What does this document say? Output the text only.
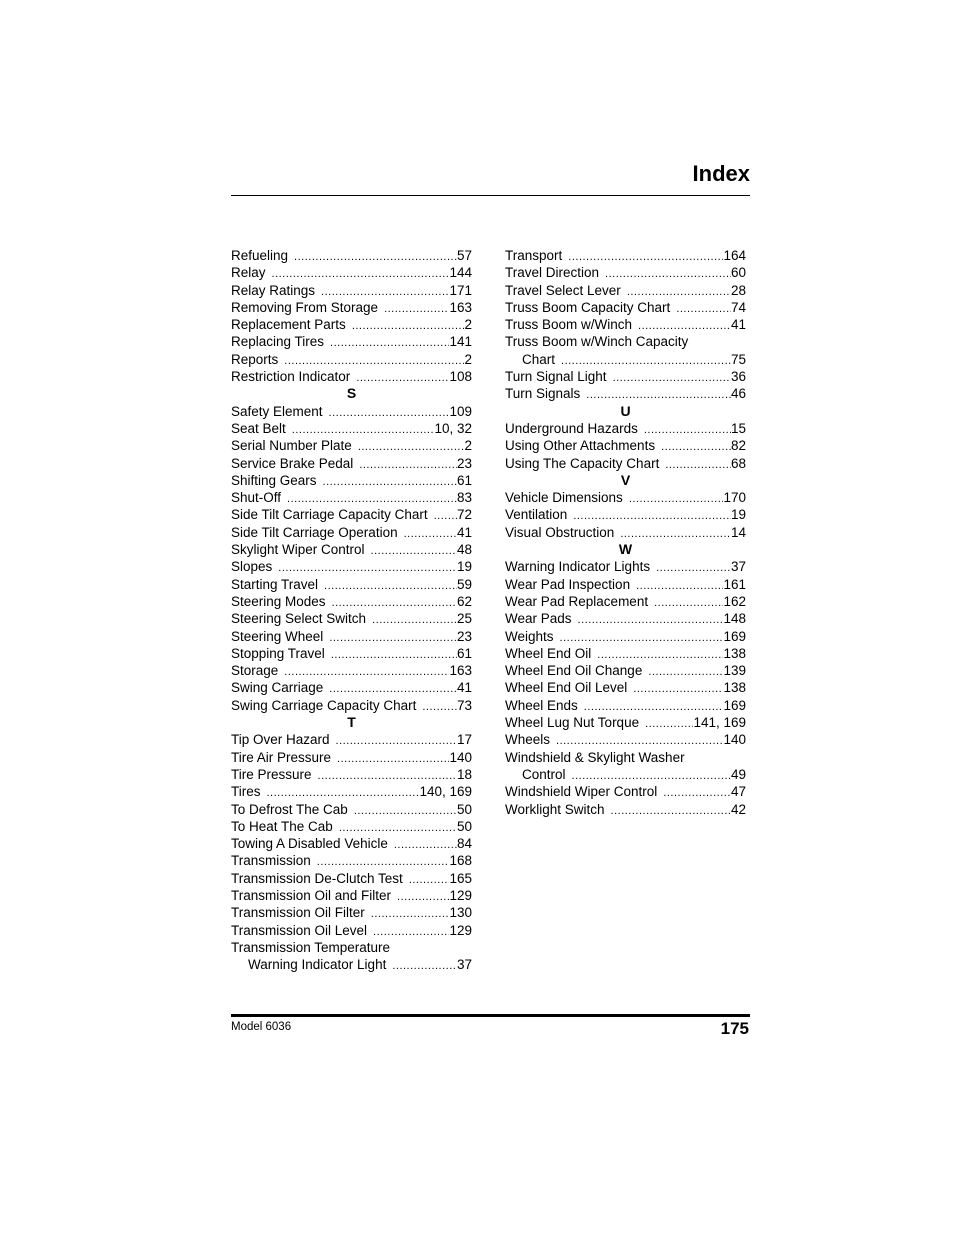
Index
Refueling .....	57
Relay .....	144
Relay Ratings .....	171
Removing From Storage .....	163
Replacement Parts .....	2
Replacing Tires .....	141
Reports .....	2
Restriction Indicator .....	108
S
Safety Element .....	109
Seat Belt .....	10, 32
Serial Number Plate .....	2
Service Brake Pedal .....	23
Shifting Gears .....	61
Shut-Off .....	83
Side Tilt Carriage Capacity Chart .....	72
Side Tilt Carriage Operation .....	41
Skylight Wiper Control .....	48
Slopes .....	19
Starting Travel .....	59
Steering Modes .....	62
Steering Select Switch .....	25
Steering Wheel .....	23
Stopping Travel .....	61
Storage .....	163
Swing Carriage .....	41
Swing Carriage Capacity Chart .....	73
T
Tip Over Hazard .....	17
Tire Air Pressure .....	140
Tire Pressure .....	18
Tires .....	140, 169
To Defrost The Cab .....	50
To Heat The Cab .....	50
Towing A Disabled Vehicle .....	84
Transmission .....	168
Transmission De-Clutch Test .....	165
Transmission Oil and Filter .....	129
Transmission Oil Filter .....	130
Transmission Oil Level .....	129
Transmission Temperature
Warning Indicator Light .....	37
Transport .....	164
Travel Direction .....	60
Travel Select Lever .....	28
Truss Boom Capacity Chart .....	74
Truss Boom w/Winch .....	41
Truss Boom w/Winch Capacity
Chart .....	75
Turn Signal Light .....	36
Turn Signals .....	46
U
Underground Hazards .....	15
Using Other Attachments .....	82
Using The Capacity Chart .....	68
V
Vehicle Dimensions .....	170
Ventilation .....	19
Visual Obstruction .....	14
W
Warning Indicator Lights .....	37
Wear Pad Inspection .....	161
Wear Pad Replacement .....	162
Wear Pads .....	148
Weights .....	169
Wheel End Oil .....	138
Wheel End Oil Change .....	139
Wheel End Oil Level .....	138
Wheel Ends .....	169
Wheel Lug Nut Torque .....	141, 169
Wheels .....	140
Windshield & Skylight Washer
Control .....	49
Windshield Wiper Control .....	47
Worklight Switch .....	42
Model 6036	175
